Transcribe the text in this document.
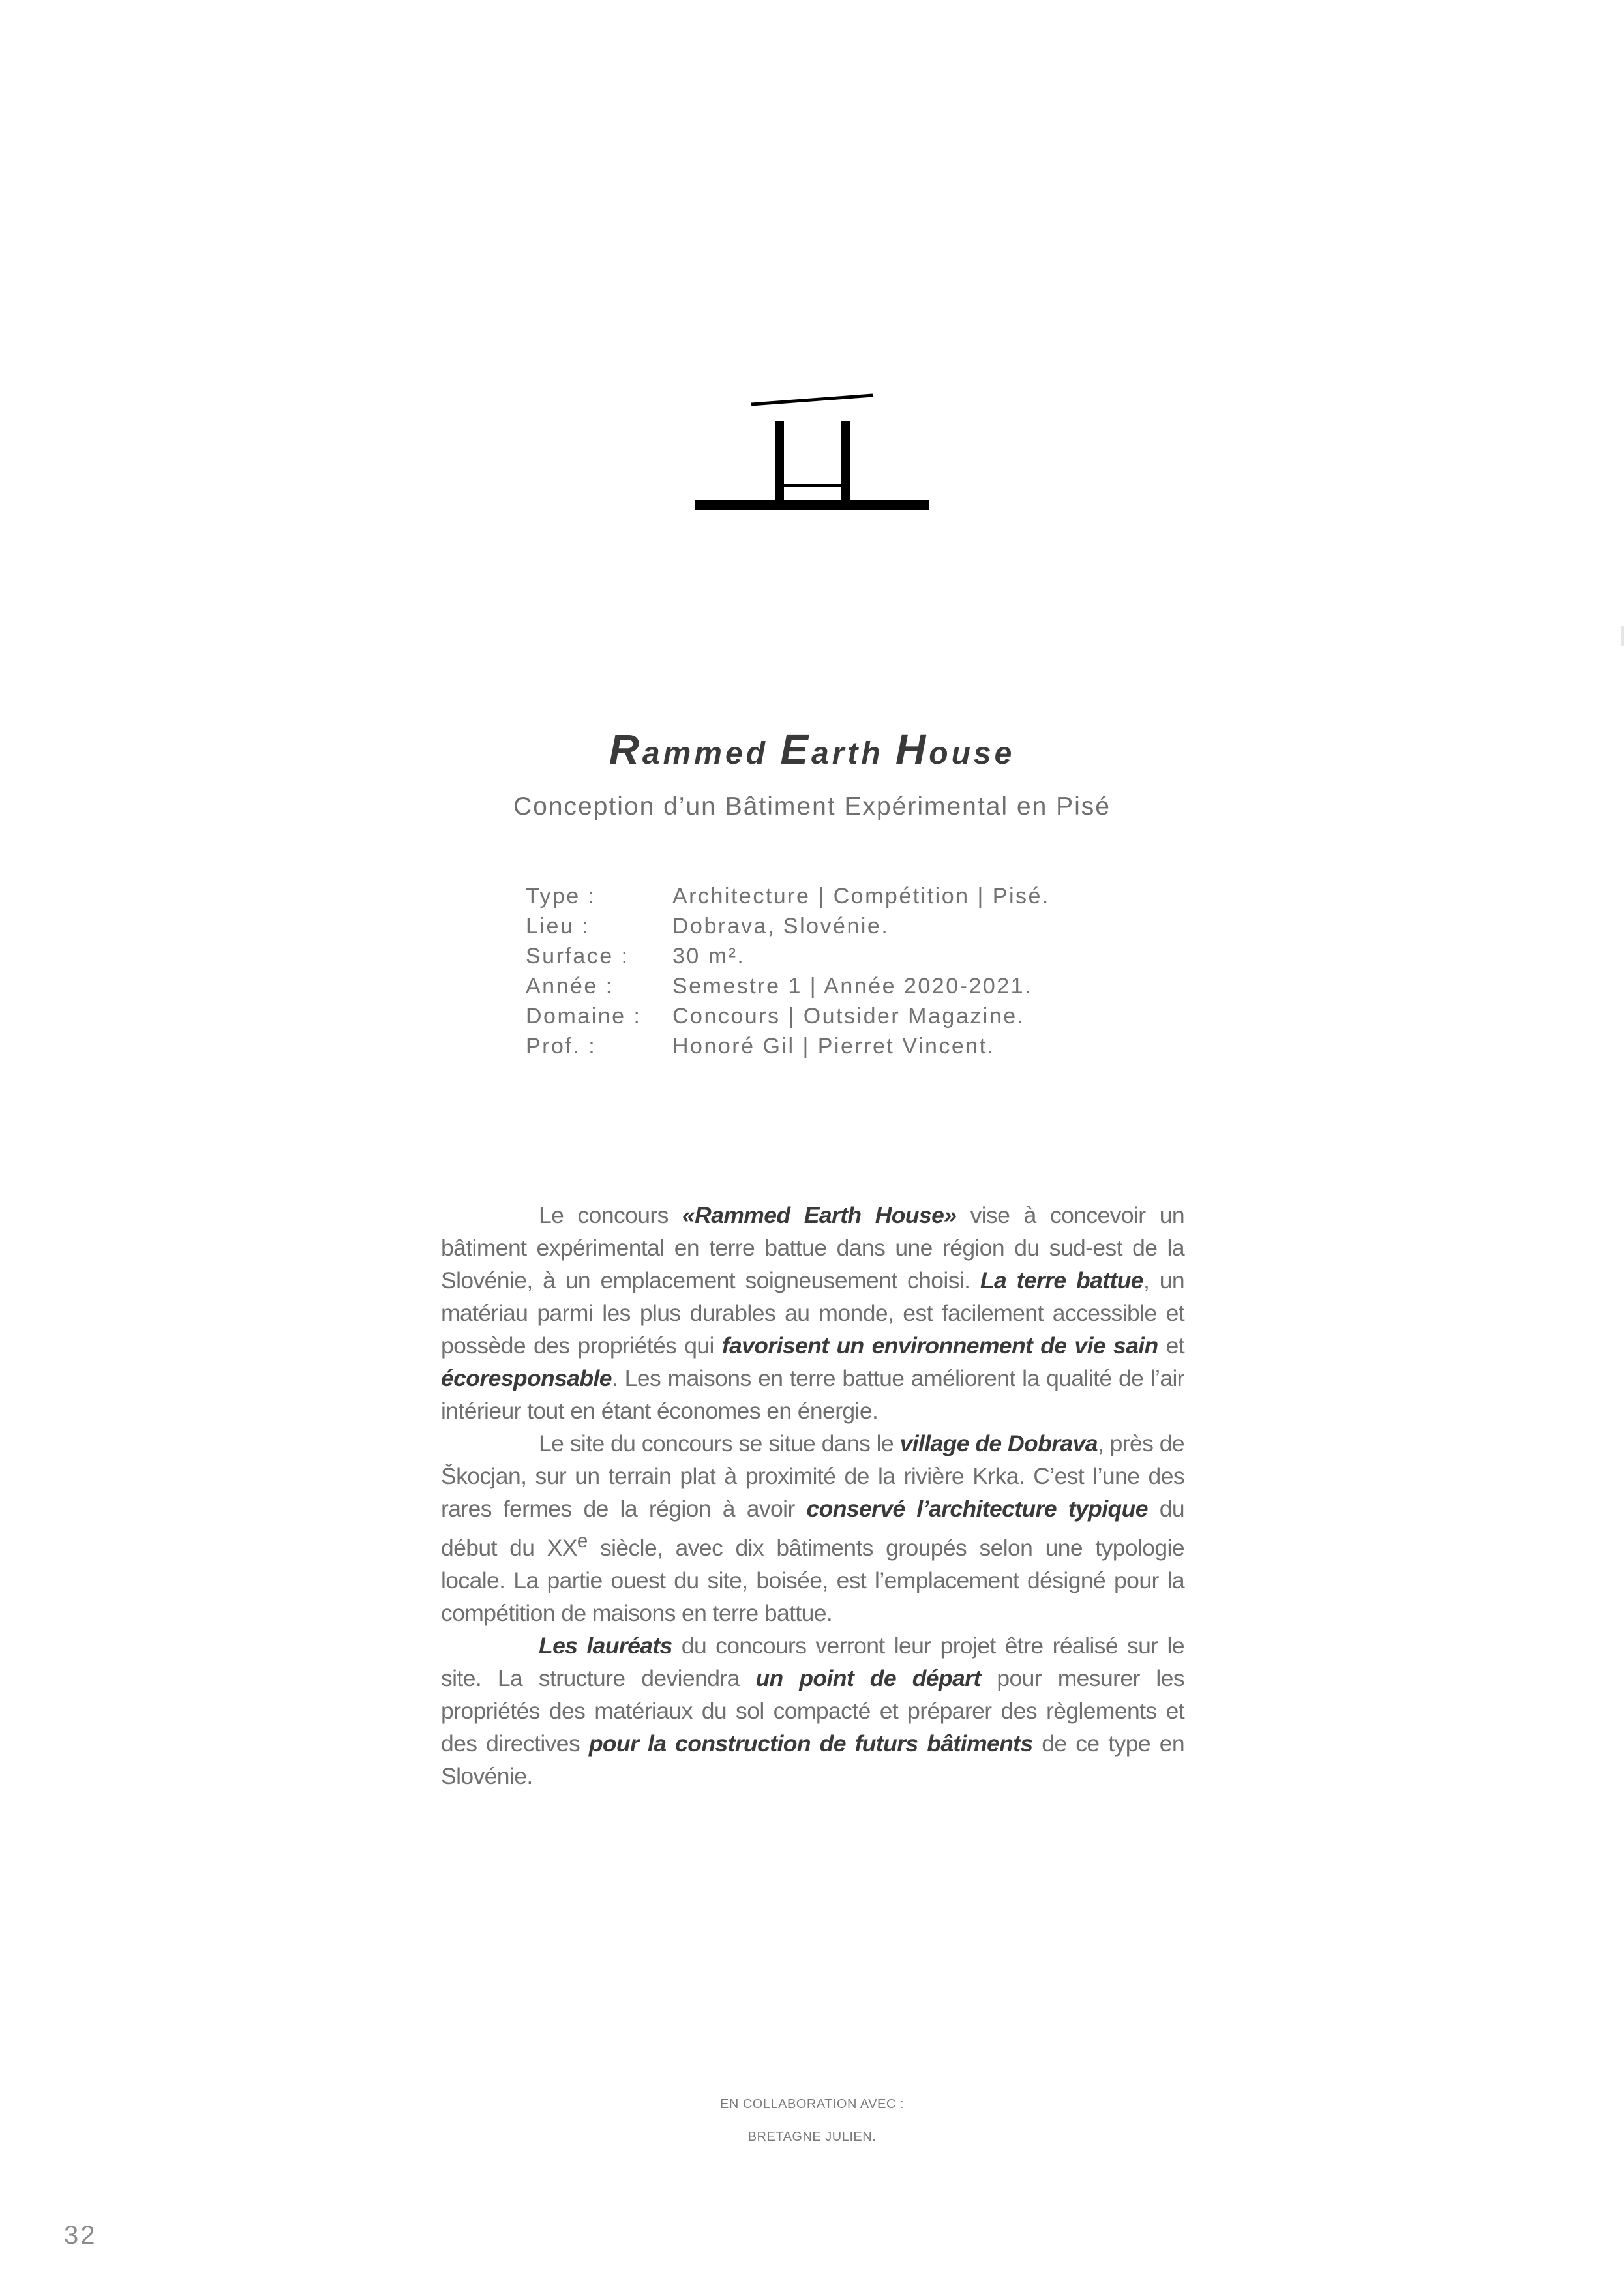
Rammed Earth House
Conception d’un Bâtiment Expérimental en Pisé
Type :	Architecture | Compétition | Pisé.
Lieu :	Dobrava, Slovénie.
Surface : 30 m².
Année :	Semestre 1 | Année 2020-2021.
Domaine : Concours | Outsider Magazine.
Prof. :	Honoré Gil | Pierret Vincent.

Le concours «Rammed Earth House» vise à concevoir un bâtiment expérimental en terre battue dans une région du sud-est de la Slovénie, à un emplacement soigneusement choisi. La terre battue, un matériau parmi les plus durables au monde, est facilement accessible et possède des propriétés qui favorisent un environnement de vie sain et écoresponsable. Les maisons en terre battue améliorent la qualité de l’air intérieur tout en étant économes en énergie.

Le site du concours se situe dans le village de Dobrava, près de Škocjan, sur un terrain plat à proximité de la rivière Krka. C’est l’une des rares fermes de la région à avoir conservé l’architecture typique du début du XXe siècle, avec dix bâtiments groupés selon une typologie locale. La partie ouest du site, boisée, est l’emplacement désigné pour la compétition de maisons en terre battue.

Les lauréats du concours verront leur projet être réalisé sur le site. La structure deviendra un point de départ pour mesurer les propriétés des matériaux du sol compacté et préparer des règlements et des directives pour la construction de futurs bâtiments de ce type en Slovénie.

EN COLLABORATION AVEC :
BRETAGNE JULIEN.
32
